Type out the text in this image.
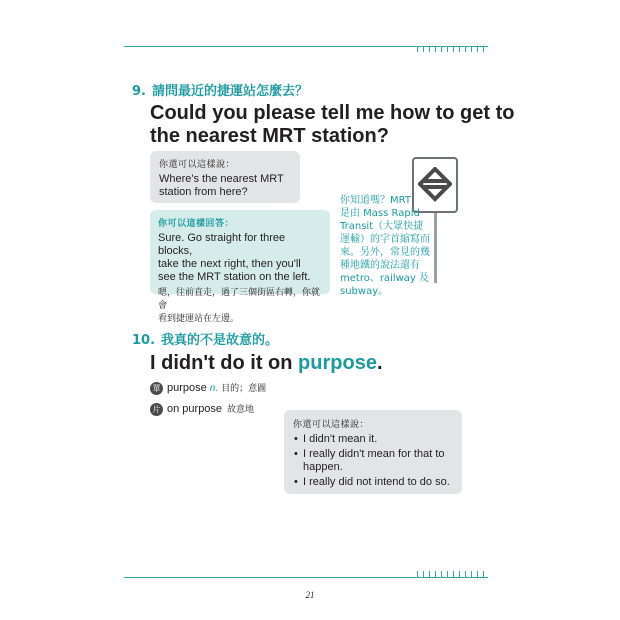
9. 請問最近的捷運站怎麼去？
Could you please tell me how to get to
the nearest MRT station?
你還可以這樣說：
Where's the nearest MRT
station from here?
你可以這樣回答：
Sure. Go straight for three blocks,
take the next right, then you'll
see the MRT station on the left.
嗯，往前直走，過了三個街區右轉，你就會
看到捷運站在左邊。
你知道嗎？MRT
是由 Mass Rapid
Transit（大眾快捷
運輸）的字首縮寫而
來。另外，常見的幾
種地鐵的說法還有
metro、railway 及
subway。
10. 我真的不是故意的。
I didn't do it on purpose.
單 purpose n. 目的；意圖
片 on purpose 故意地
你還可以這樣說：
• I didn't mean it.
• I really didn't mean for that to happen.
• I really did not intend to do so.
21
